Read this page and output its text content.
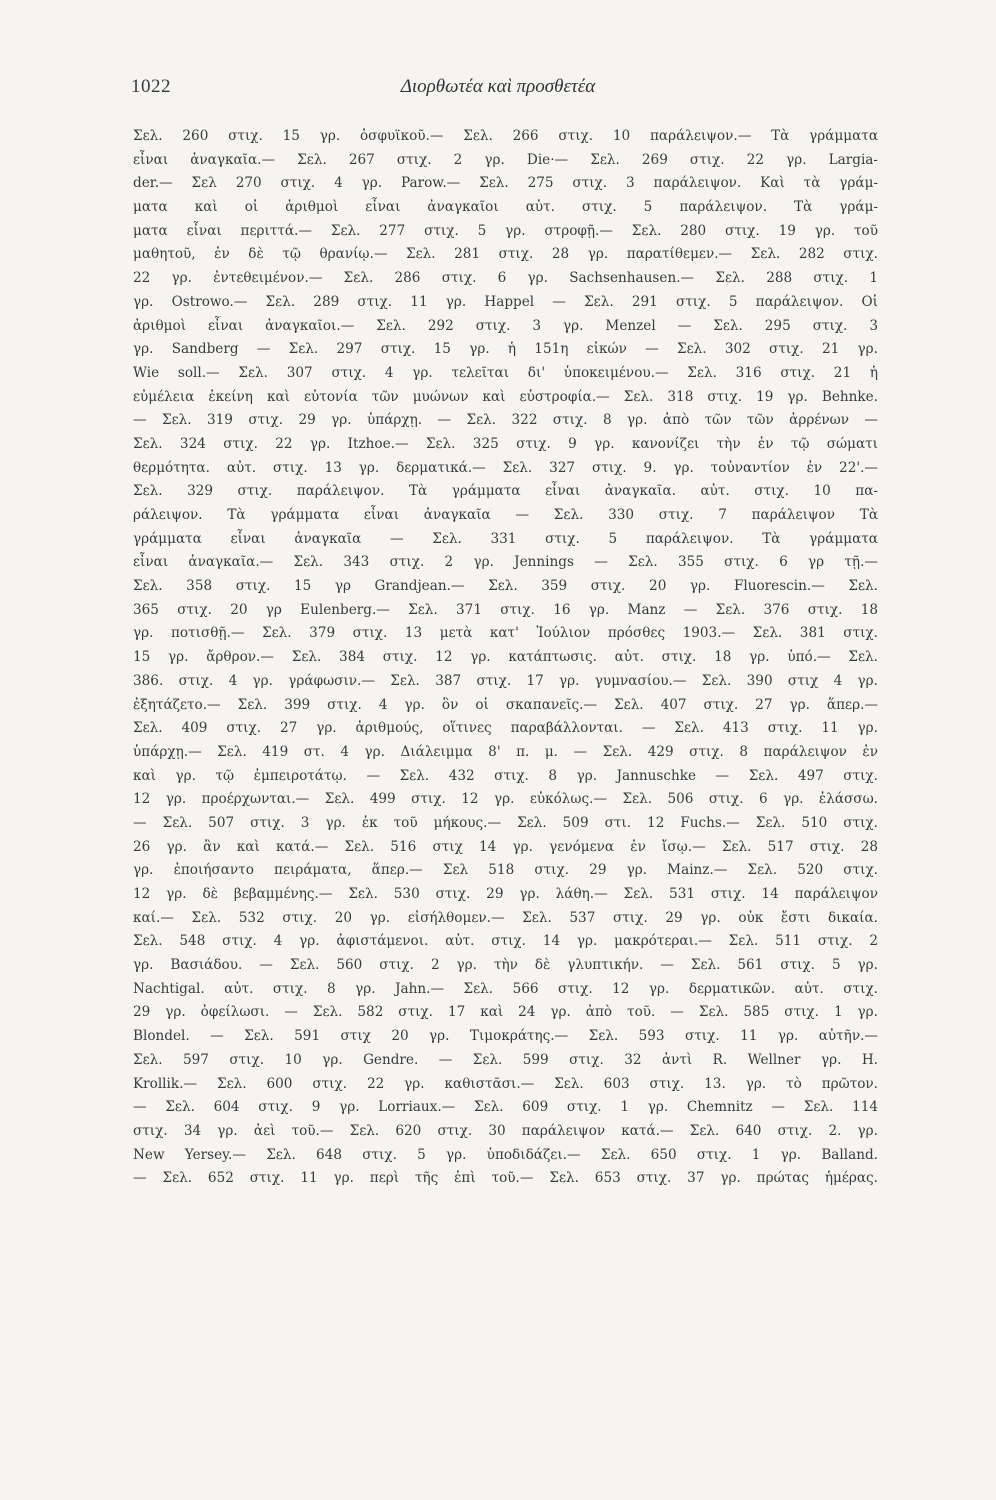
1022	Διορθωτέα καὶ προσθετέα
Σελ. 260 στιχ. 15 γρ. ὀσφυϊκοῦ.— Σελ. 266 στιχ. 10 παράλειψον.— Τὰ γράμματα
εἶναι ἀναγκαῖα.— Σελ. 267 στιχ. 2 γρ. Die·— Σελ. 269 στιχ. 22 γρ. Largia-
der.— Σελ 270 στιχ. 4 γρ. Parow.— Σελ. 275 στιχ. 3 παράλειψον. Καὶ τὰ γράμ-
ματα καὶ οἱ ἀριθμοὶ εἶναι ἀναγκαῖοι αὐτ. στιχ. 5 παράλειψον. Τὰ γράμ-
ματα εἶναι περιττά.— Σελ. 277 στιχ. 5 γρ. στροφῇ.— Σελ. 280 στιχ. 19 γρ. τοῦ
μαθητοῦ, ἐν δὲ τῷ θρανίῳ.— Σελ. 281 στιχ. 28 γρ. παρατίθεμεν.— Σελ. 282 στιχ.
22 γρ. ἐντεθειμένον.— Σελ. 286 στιχ. 6 γρ. Sachsenhausen.— Σελ. 288 στιχ. 1
γρ. Ostrowo.— Σελ. 289 στιχ. 11 γρ. Happel — Σελ. 291 στιχ. 5 παράλειψον. Οἱ
ἀριθμοὶ εἶναι ἀναγκαῖοι.— Σελ. 292 στιχ. 3 γρ. Menzel — Σελ. 295 στιχ. 3
γρ. Sandberg — Σελ. 297 στιχ. 15 γρ. ἡ 151η εἰκών — Σελ. 302 στιχ. 21 γρ.
Wie soll.— Σελ. 307 στιχ. 4 γρ. τελεῖται δι' ὑποκειμένου.— Σελ. 316 στιχ. 21 ἡ
εὐμέλεια ἐκείνη καὶ εὐτονία τῶν μυώνων καὶ εὐστροφία.— Σελ. 318 στιχ. 19 γρ. Behnke.
— Σελ. 319 στιχ. 29 γρ. ὑπάρχῃ. — Σελ. 322 στιχ. 8 γρ. ἀπὸ τῶν τῶν ἀρρένων —
Σελ. 324 στιχ. 22 γρ. Itzhoe.— Σελ. 325 στιχ. 9 γρ. κανονίζει τὴν ἐν τῷ σώματι
θερμότητα. αὐτ. στιχ. 13 γρ. δερματικά.— Σελ. 327 στιχ. 9. γρ. τοὐναντίον ἐν 22'.—
Σελ. 329 στιχ. παράλειψον. Τὰ γράμματα εἶναι ἀναγκαῖα. αὐτ. στιχ. 10 πα-
ράλειψον. Τὰ γράμματα εἶναι ἀναγκαῖα — Σελ. 330 στιχ. 7 παράλειψον Τὰ
γράμματα εἶναι ἀναγκαῖα — Σελ. 331 στιχ. 5 παράλειψον. Τὰ γράμματα
εἶναι ἀναγκαῖα.— Σελ. 343 στιχ. 2 γρ. Jennings — Σελ. 355 στιχ. 6 γρ τῇ.—
Σελ. 358 στιχ. 15 γρ Grandjean.— Σελ. 359 στιχ. 20 γρ. Fluorescin.— Σελ.
365 στιχ. 20 γρ Eulenberg.— Σελ. 371 στιχ. 16 γρ. Manz — Σελ. 376 στιχ. 18
γρ. ποτισθῇ.— Σελ. 379 στιχ. 13 μετὰ κατ' Ἰούλιον πρόσθες 1903.— Σελ. 381 στιχ.
15 γρ. ἄρθρον.— Σελ. 384 στιχ. 12 γρ. κατάπτωσις. αὐτ. στιχ. 18 γρ. ὑπό.— Σελ.
386. στιχ. 4 γρ. γράφωσιν.— Σελ. 387 στιχ. 17 γρ. γυμνασίου.— Σελ. 390 στιχ 4 γρ.
ἐξητάζετο.— Σελ. 399 στιχ. 4 γρ. ὃν οἱ σκαπανεῖς.— Σελ. 407 στιχ. 27 γρ. ἅπερ.—
Σελ. 409 στιχ. 27 γρ. ἀριθμούς, οἵτινες παραβάλλονται. — Σελ. 413 στιχ. 11 γρ.
ὑπάρχῃ.— Σελ. 419 στ. 4 γρ. Διάλειμμα 8' π. μ. — Σελ. 429 στιχ. 8 παράλειψον ἐν
καὶ γρ. τῷ ἐμπειροτάτῳ. — Σελ. 432 στιχ. 8 γρ. Jannuschke — Σελ. 497 στιχ.
12 γρ. προέρχωνται.— Σελ. 499 στιχ. 12 γρ. εὐκόλως.— Σελ. 506 στιχ. 6 γρ. ἐλάσσω.
— Σελ. 507 στιχ. 3 γρ. ἐκ τοῦ μήκους.— Σελ. 509 στι. 12 Fuchs.— Σελ. 510 στιχ.
26 γρ. ἂν καὶ κατά.— Σελ. 516 στιχ 14 γρ. γενόμενα ἐν ἴσῳ.— Σελ. 517 στιχ. 28
γρ. ἐποιήσαντο πειράματα, ἅπερ.— Σελ 518 στιχ. 29 γρ. Mainz.— Σελ. 520 στιχ.
12 γρ. δὲ βεβαμμένης.— Σελ. 530 στιχ. 29 γρ. λάθη.— Σελ. 531 στιχ. 14 παράλειψον
καί.— Σελ. 532 στιχ. 20 γρ. εἰσήλθομεν.— Σελ. 537 στιχ. 29 γρ. οὐκ ἔστι δικαία.
Σελ. 548 στιχ. 4 γρ. ἀφιστάμενοι. αὐτ. στιχ. 14 γρ. μακρότεραι.— Σελ. 511 στιχ. 2
γρ. Βασιάδου. — Σελ. 560 στιχ. 2 γρ. τὴν δὲ γλυπτικήν. — Σελ. 561 στιχ. 5 γρ.
Nachtigal. αὐτ. στιχ. 8 γρ. Jahn.— Σελ. 566 στιχ. 12 γρ. δερματικῶν. αὐτ. στιχ.
29 γρ. ὀφείλωσι. — Σελ. 582 στιχ. 17 καὶ 24 γρ. ἀπὸ τοῦ. — Σελ. 585 στιχ. 1 γρ.
Blondel. — Σελ. 591 στιχ 20 γρ. Τιμοκράτης.— Σελ. 593 στιχ. 11 γρ. αὐτῆν.—
Σελ. 597 στιχ. 10 γρ. Gendre. — Σελ. 599 στιχ. 32 ἀντὶ R. Wellner γρ. H.
Krollik.— Σελ. 600 στιχ. 22 γρ. καθιστᾶσι.— Σελ. 603 στιχ. 13. γρ. τὸ πρῶτον.
— Σελ. 604 στιχ. 9 γρ. Lorriaux.— Σελ. 609 στιχ. 1 γρ. Chemnitz — Σελ. 114
στιχ. 34 γρ. ἀεὶ τοῦ.— Σελ. 620 στιχ. 30 παράλειψον κατά.— Σελ. 640 στιχ. 2. γρ.
New Yersey.— Σελ. 648 στιχ. 5 γρ. ὑποδιδάζει.— Σελ. 650 στιχ. 1 γρ. Balland.
— Σελ. 652 στιχ. 11 γρ. περὶ τῆς ἐπὶ τοῦ.— Σελ. 653 στιχ. 37 γρ. πρώτας ἡμέρας.
